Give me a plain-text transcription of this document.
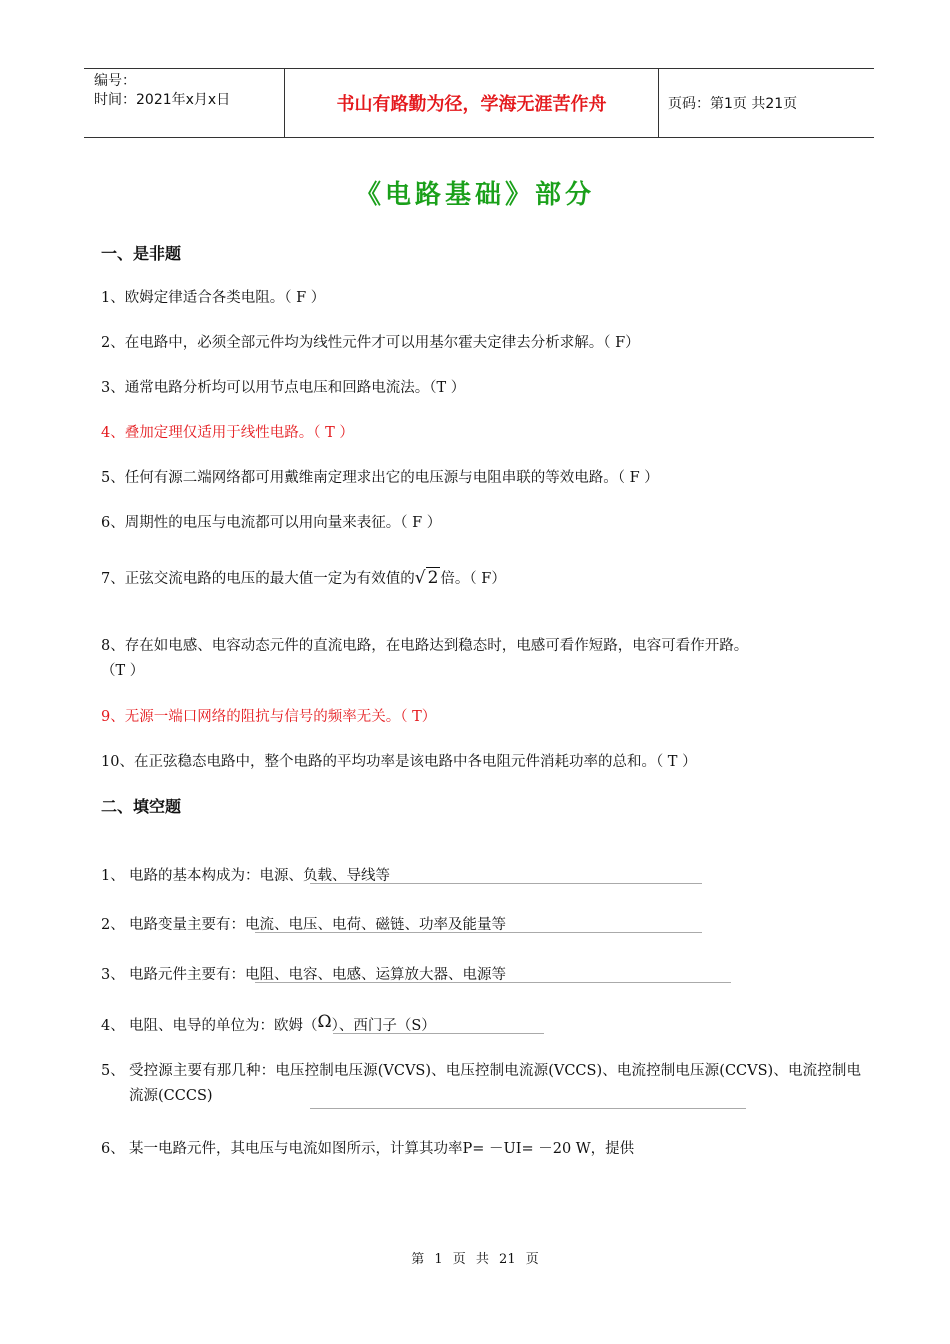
编号：
时间：2021年x月x日	书山有路勤为径，学海无涯苦作舟	页码：第1页 共21页
《电路基础》部分
一、是非题
1、欧姆定律适合各类电阻。（ F ）
2、在电路中，必须全部元件均为线性元件才可以用基尔霍夫定律去分析求解。（ F）
3、通常电路分析均可以用节点电压和回路电流法。（T ）
4、叠加定理仅适用于线性电路。（ T ）
5、任何有源二端网络都可用戴维南定理求出它的电压源与电阻串联的等效电路。（ F ）
6、周期性的电压与电流都可以用向量来表征。（ F ）
7、正弦交流电路的电压的最大值一定为有效值的√ 2 倍。（ F）
8、存在如电感、电容动态元件的直流电路，在电路达到稳态时，电感可看作短路，电容可看作开路。
（T ）
9、无源一端口网络的阻抗与信号的频率无关。（ T）
10、在正弦稳态电路中，整个电路的平均功率是该电路中各电阻元件消耗功率的总和。（ T ）
二、填空题
1、 电路的基本构成为：电源、负载、导线等
2、 电路变量主要有：电流、电压、电荷、磁链、功率及能量等
3、 电路元件主要有：电阻、电容、电感、运算放大器、电源等
4、 电阻、电导的单位为：欧姆（Ω）、西门子（S）
5、 受控源主要有那几种：电压控制电压源(VCVS)、电压控制电流源(VCCS)、电流控制电压源(CCVS)、电流控制电流源(CCCS)
6、 某一电路元件，其电压与电流如图所示，计算其功率P= －UI= －20 W，提供
第 1 页 共 21 页
